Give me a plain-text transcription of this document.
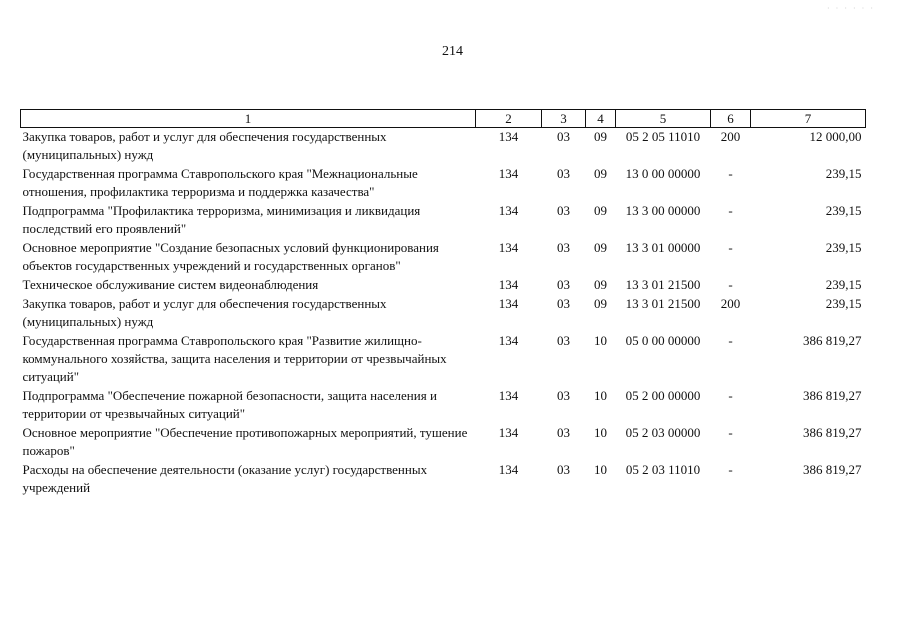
· · · · · ·
214
1	2	3	4	5	6	7
Закупка товаров, работ и услуг для обеспечения государственных (муниципальных) нужд	134	03	09	05 2 05 11010	200	12 000,00
Государственная программа Ставропольского края "Межнациональные отношения, профилактика терроризма и поддержка казачества"	134	03	09	13 0 00 00000	-	239,15
Подпрограмма "Профилактика терроризма, минимизация и ликвидация последствий его проявлений"	134	03	09	13 3 00 00000	-	239,15
Основное мероприятие "Создание безопасных условий функционирования объектов государственных учреждений и государственных органов"	134	03	09	13 3 01 00000	-	239,15
Техническое обслуживание систем видеонаблюдения	134	03	09	13 3 01 21500	-	239,15
Закупка товаров, работ и услуг для обеспечения государственных (муниципальных) нужд	134	03	09	13 3 01 21500	200	239,15
Государственная программа Ставропольского края "Развитие жилищно-коммунального хозяйства, защита населения и территории от чрезвычайных ситуаций"	134	03	10	05 0 00 00000	-	386 819,27
Подпрограмма "Обеспечение пожарной безопасности, защита населения и территории от чрезвычайных ситуаций"	134	03	10	05 2 00 00000	-	386 819,27
Основное мероприятие "Обеспечение противопожарных мероприятий, тушение пожаров"	134	03	10	05 2 03 00000	-	386 819,27
Расходы на обеспечение деятельности (оказание услуг) государственных учреждений	134	03	10	05 2 03 11010	-	386 819,27
